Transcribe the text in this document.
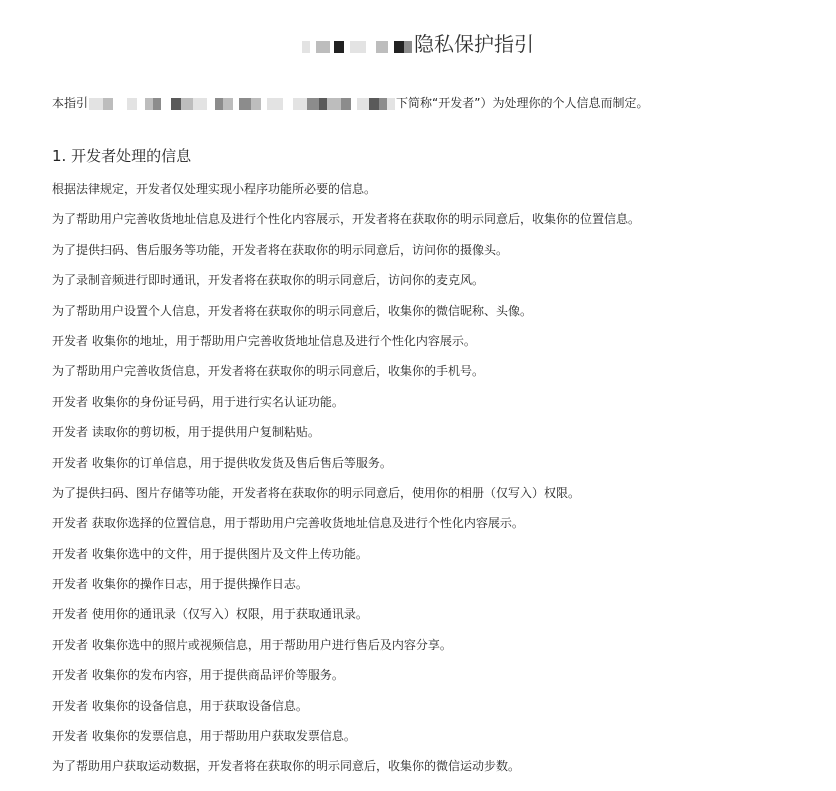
隐私保护指引
本指引	下简称“开发者”）为处理你的个人信息而制定。
1. 开发者处理的信息
根据法律规定，开发者仅处理实现小程序功能所必要的信息。
为了帮助用户完善收货地址信息及进行个性化内容展示，开发者将在获取你的明示同意后，收集你的位置信息。
为了提供扫码、售后服务等功能，开发者将在获取你的明示同意后，访问你的摄像头。
为了录制音频进行即时通讯，开发者将在获取你的明示同意后，访问你的麦克风。
为了帮助用户设置个人信息，开发者将在获取你的明示同意后，收集你的微信昵称、头像。
开发者 收集你的地址，用于帮助用户完善收货地址信息及进行个性化内容展示。
为了帮助用户完善收货信息，开发者将在获取你的明示同意后，收集你的手机号。
开发者 收集你的身份证号码，用于进行实名认证功能。
开发者 读取你的剪切板，用于提供用户复制粘贴。
开发者 收集你的订单信息，用于提供收发货及售后售后等服务。
为了提供扫码、图片存储等功能，开发者将在获取你的明示同意后，使用你的相册（仅写入）权限。
开发者 获取你选择的位置信息，用于帮助用户完善收货地址信息及进行个性化内容展示。
开发者 收集你选中的文件，用于提供图片及文件上传功能。
开发者 收集你的操作日志，用于提供操作日志。
开发者 使用你的通讯录（仅写入）权限，用于获取通讯录。
开发者 收集你选中的照片或视频信息，用于帮助用户进行售后及内容分享。
开发者 收集你的发布内容，用于提供商品评价等服务。
开发者 收集你的设备信息，用于获取设备信息。
开发者 收集你的发票信息，用于帮助用户获取发票信息。
为了帮助用户获取运动数据，开发者将在获取你的明示同意后，收集你的微信运动步数。
